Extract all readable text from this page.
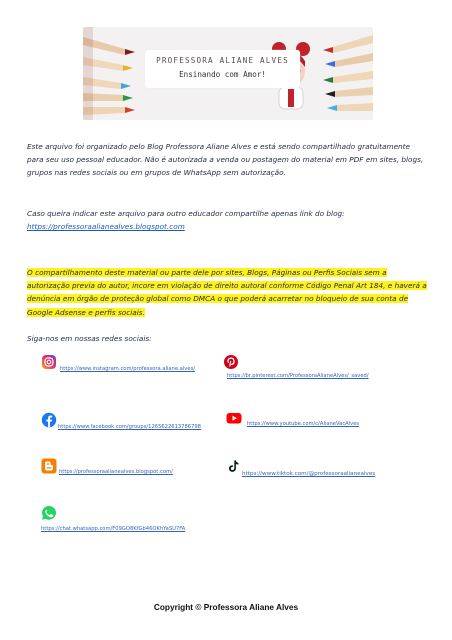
PROFESSORA ALIANE ALVES
Ensinando com Amor!

Este arquivo foi organizado pelo Blog Professora Aliane Alves e está sendo compartilhado gratuitamente para seu uso pessoal educador. Não é autorizada a venda ou postagem do material em PDF em sites, blogs, grupos nas redes sociais ou em grupos de WhatsApp sem autorização.

Caso queira indicar este arquivo para outro educador compartilhe apenas link do blog:
https://professoraalianealves.blogspot.com

O compartilhamento deste material ou parte dele por sites, Blogs, Páginas ou Perfis Sociais sem a autorização previa do autor, incore em violação de direito autoral conforme Código Penal Art 184, e haverá a denúncia em órgão de proteção global como DMCA o que poderá acarretar no bloqueio de sua conta de Google Adsense e perfis sociais.

Siga-nos em nossas redes sociais:

https://www.instagram.com/professora.aliane.alves/
https://br.pinterest.com/ProfessoraAlianeAlves/_saved/
https://www.facebook.com/groups/126562261378679​8	https://www.youtube.com/c/AlianeVacAlves
https://professoraalianealves.blogspot.com/	https://www.tiktok.com/@professoraalianealves
https://chat.whatsapp.com/F09GO8KfGb46OKhYaSU7FA
Copyright © Professora Aliane Alves
